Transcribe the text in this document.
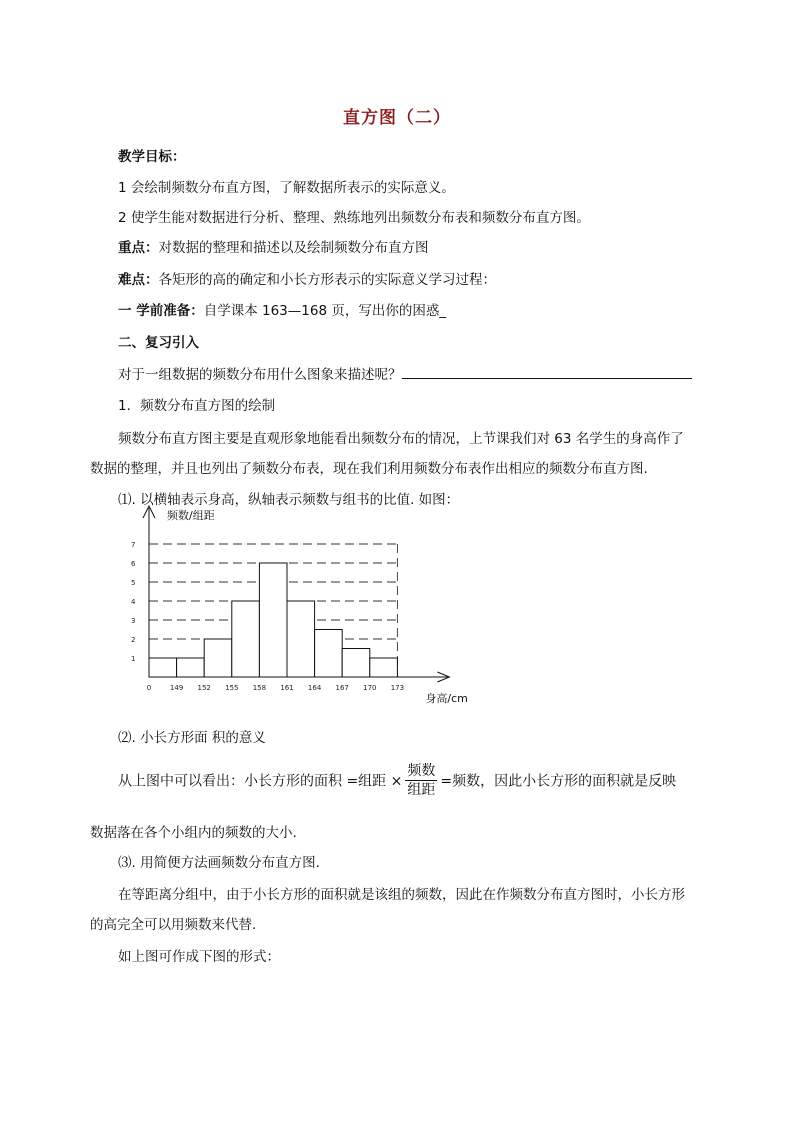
直方图（二）
教学目标：
1 会绘制频数分布直方图，了解数据所表示的实际意义。
2 使学生能对数据进行分析、整理、熟练地列出频数分布表和频数分布直方图。
重点：对数据的整理和描述以及绘制频数分布直方图
难点：各矩形的高的确定和小长方形表示的实际意义学习过程：
一 学前准备：自学课本 163—168 页，写出你的困惑_
二、复习引入
对于一组数据的频数分布用什么图象来描述呢？
1．频数分布直方图的绘制
频数分布直方图主要是直观形象地能看出频数分布的情况，上节课我们对 63 名学生的身高作了
数据的整理，并且也列出了频数分布表，现在我们利用频数分布表作出相应的频数分布直方图.
⑴. 以横轴表示身高，纵轴表示频数与组书的比值. 如图：
1
2
3
4
5
6
7
0	149 152 155 158 161 164 167 170 173
频数/组距
身高/cm
⑵. 小长方形面 积的意义
从上图中可以看出：小长方形的面积 =组距 × $\frac{\text{频数}}{\text{组距}}$ =频数，因此小长方形的面积就是反映
数据落在各个小组内的频数的大小.
⑶. 用简便方法画频数分布直方图.
在等距离分组中，由于小长方形的面积就是该组的频数，因此在作频数分布直方图时，小长方形
的高完全可以用频数来代替.
如上图可作成下图的形式：
